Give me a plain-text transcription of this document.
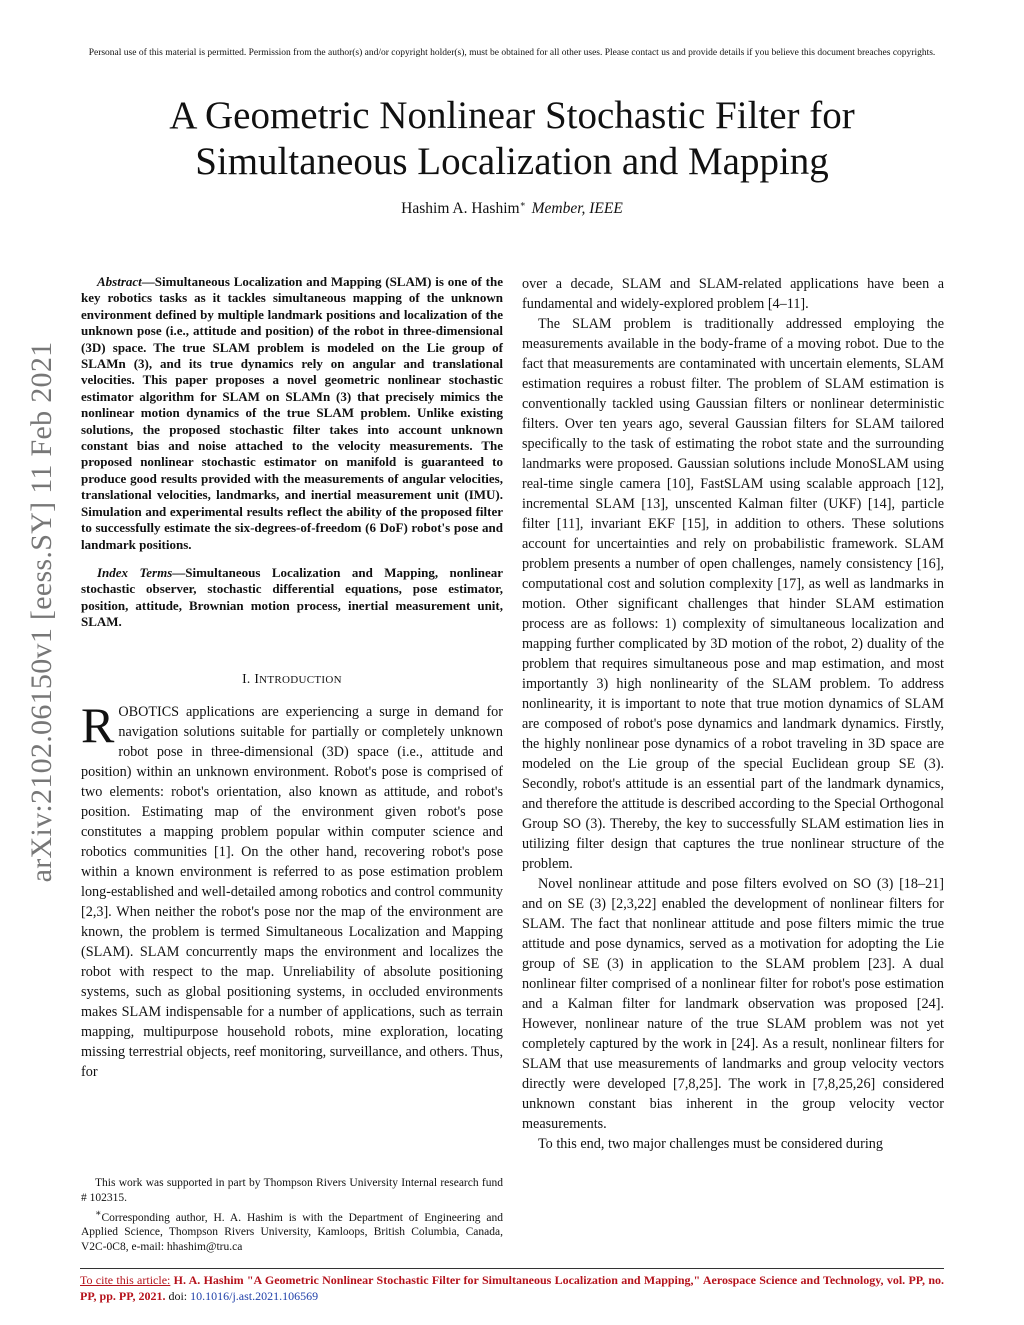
Personal use of this material is permitted. Permission from the author(s) and/or copyright holder(s), must be obtained for all other uses. Please contact us and provide details if you believe this document breaches copyrights.
A Geometric Nonlinear Stochastic Filter for
Simultaneous Localization and Mapping
Hashim A. Hashim∗ Member, IEEE
arXiv:2102.06150v1 [eess.SY] 11 Feb 2021

Abstract—Simultaneous Localization and Mapping (SLAM) is one of the key robotics tasks as it tackles simultaneous mapping of the unknown environment defined by multiple landmark positions and localization of the unknown pose (i.e., attitude and position) of the robot in three-dimensional (3D) space. The true SLAM problem is modeled on the Lie group of SLAMn (3), and its true dynamics rely on angular and translational velocities. This paper proposes a novel geometric nonlinear stochastic estimator algorithm for SLAM on SLAMn (3) that precisely mimics the nonlinear motion dynamics of the true SLAM problem. Unlike existing solutions, the proposed stochastic filter takes into account unknown constant bias and noise attached to the velocity measurements. The proposed nonlinear stochastic estimator on manifold is guaranteed to produce good results provided with the measurements of angular velocities, translational velocities, landmarks, and inertial measurement unit (IMU). Simulation and experimental results reflect the ability of the proposed filter to successfully estimate the six-degrees-of-freedom (6 DoF) robot's pose and landmark positions.

Index Terms—Simultaneous Localization and Mapping, nonlinear stochastic observer, stochastic differential equations, pose estimator, position, attitude, Brownian motion process, inertial measurement unit, SLAM.

I. INTRODUCTION

ROBOTICS applications are experiencing a surge in demand for navigation solutions suitable for partially or completely unknown robot pose in three-dimensional (3D) space (i.e., attitude and position) within an unknown environment. Robot's pose is comprised of two elements: robot's orientation, also known as attitude, and robot's position. Estimating map of the environment given robot's pose constitutes a mapping problem popular within computer science and robotics communities [1]. On the other hand, recovering robot's pose within a known environment is referred to as pose estimation problem long-established and well-detailed among robotics and control community [2,3]. When neither the robot's pose nor the map of the environment are known, the problem is termed Simultaneous Localization and Mapping (SLAM). SLAM concurrently maps the environment and localizes the robot with respect to the map. Unreliability of absolute positioning systems, such as global positioning systems, in occluded environments makes SLAM indispensable for a number of applications, such as terrain mapping, multipurpose household robots, mine exploration, locating missing terrestrial objects, reef monitoring, surveillance, and others. Thus, for

over a decade, SLAM and SLAM-related applications have been a fundamental and widely-explored problem [4–11].

The SLAM problem is traditionally addressed employing the measurements available in the body-frame of a moving robot. Due to the fact that measurements are contaminated with uncertain elements, SLAM estimation requires a robust filter. The problem of SLAM estimation is conventionally tackled using Gaussian filters or nonlinear deterministic filters. Over ten years ago, several Gaussian filters for SLAM tailored specifically to the task of estimating the robot state and the surrounding landmarks were proposed. Gaussian solutions include MonoSLAM using real-time single camera [10], FastSLAM using scalable approach [12], incremental SLAM [13], unscented Kalman filter (UKF) [14], particle filter [11], invariant EKF [15], in addition to others. These solutions account for uncertainties and rely on probabilistic framework. SLAM problem presents a number of open challenges, namely consistency [16], computational cost and solution complexity [17], as well as landmarks in motion. Other significant challenges that hinder SLAM estimation process are as follows: 1) complexity of simultaneous localization and mapping further complicated by 3D motion of the robot, 2) duality of the problem that requires simultaneous pose and map estimation, and most importantly 3) high nonlinearity of the SLAM problem. To address nonlinearity, it is important to note that true motion dynamics of SLAM are composed of robot's pose dynamics and landmark dynamics. Firstly, the highly nonlinear pose dynamics of a robot traveling in 3D space are modeled on the Lie group of the special Euclidean group SE (3). Secondly, robot's attitude is an essential part of the landmark dynamics, and therefore the attitude is described according to the Special Orthogonal Group SO (3). Thereby, the key to successfully SLAM estimation lies in utilizing filter design that captures the true nonlinear structure of the problem.

Novel nonlinear attitude and pose filters evolved on SO (3) [18–21] and on SE (3) [2,3,22] enabled the development of nonlinear filters for SLAM. The fact that nonlinear attitude and pose filters mimic the true attitude and pose dynamics, served as a motivation for adopting the Lie group of SE (3) in application to the SLAM problem [23]. A dual nonlinear filter comprised of a nonlinear filter for robot's pose estimation and a Kalman filter for landmark observation was proposed [24]. However, nonlinear nature of the true SLAM problem was not yet completely captured by the work in [24]. As a result, nonlinear filters for SLAM that use measurements of landmarks and group velocity vectors directly were developed [7,8,25]. The work in [7,8,25,26] considered unknown constant bias inherent in the group velocity vector measurements.

To this end, two major challenges must be considered during

This work was supported in part by Thompson Rivers University Internal research fund # 102315.

∗Corresponding author, H. A. Hashim is with the Department of Engineering and Applied Science, Thompson Rivers University, Kamloops, British Columbia, Canada, V2C-0C8, e-mail: hhashim@tru.ca

To cite this article: H. A. Hashim "A Geometric Nonlinear Stochastic Filter for Simultaneous Localization and Mapping," Aerospace Science and Technology, vol. PP, no. PP, pp. PP, 2021. doi: 10.1016/j.ast.2021.106569
